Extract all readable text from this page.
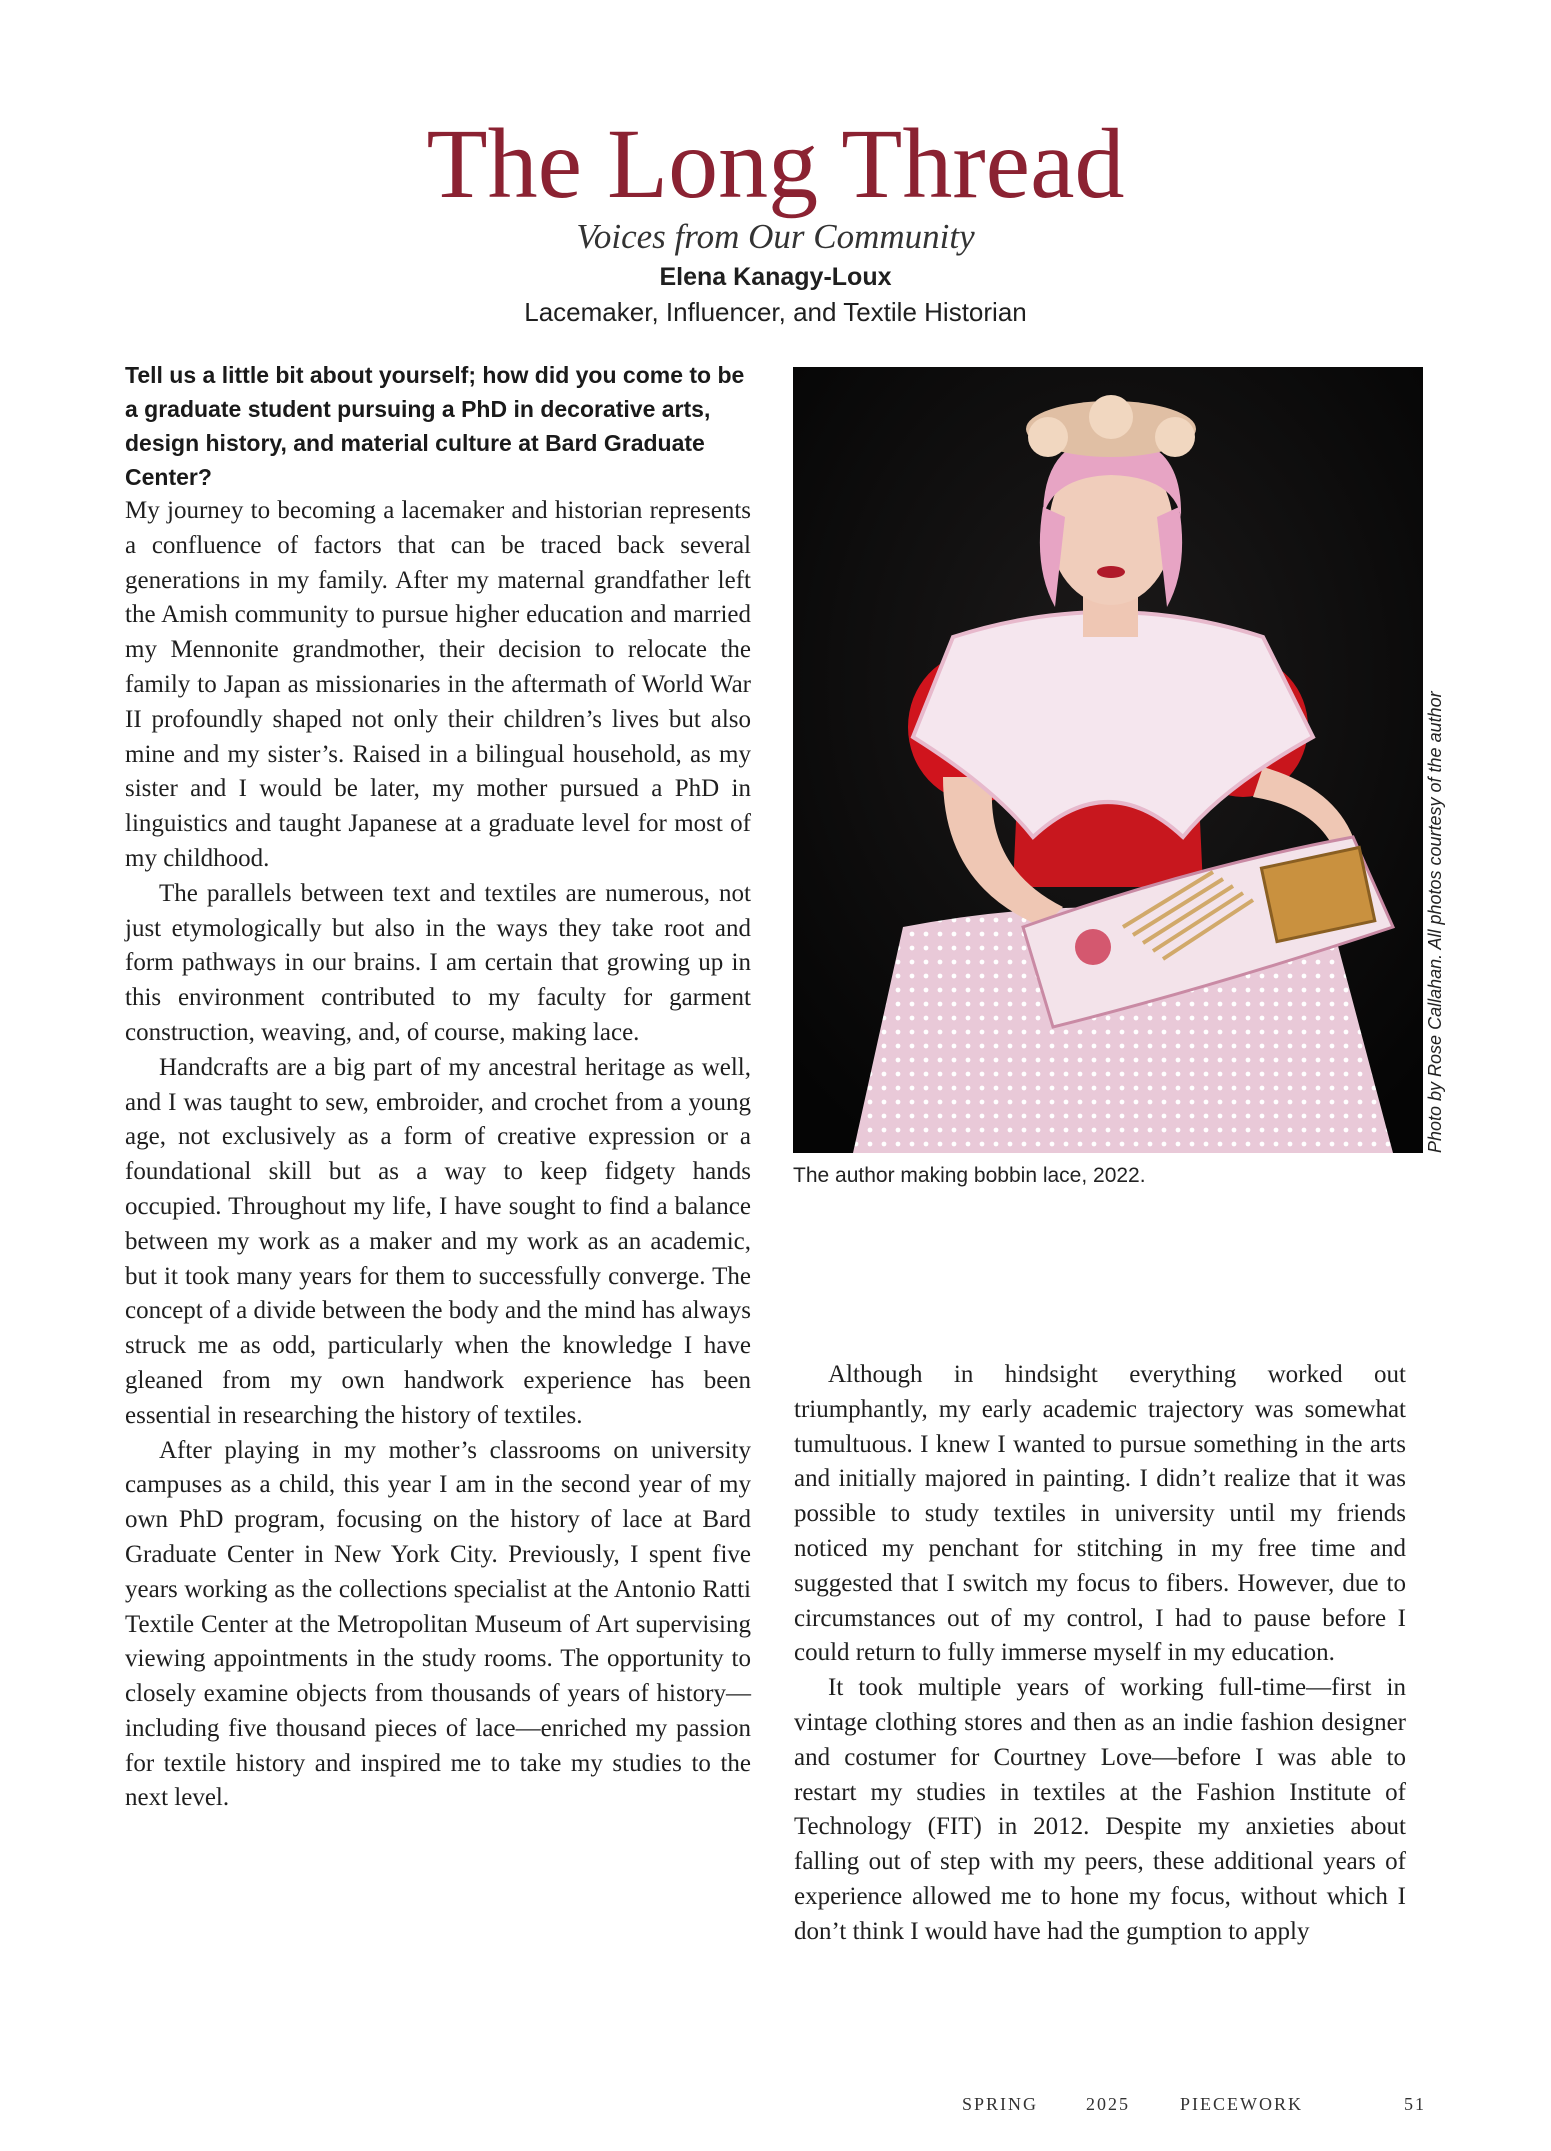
The Long Thread
Voices from Our Community
Elena Kanagy-Loux
Lacemaker, Influencer, and Textile Historian

Tell us a little bit about yourself; how did you come to be a graduate student pursuing a PhD in decorative arts, design history, and material culture at Bard Graduate Center?

My journey to becoming a lacemaker and historian represents a confluence of factors that can be traced back several generations in my family. After my maternal grandfather left the Amish community to pursue higher education and married my Mennonite grandmother, their decision to relocate the family to Japan as missionaries in the aftermath of World War II profoundly shaped not only their children’s lives but also mine and my sister’s. Raised in a bilingual household, as my sister and I would be later, my mother pursued a PhD in linguistics and taught Japanese at a graduate level for most of my childhood.

The parallels between text and textiles are numerous, not just etymologically but also in the ways they take root and form pathways in our brains. I am certain that growing up in this environment contributed to my faculty for garment construction, weaving, and, of course, making lace.

Handcrafts are a big part of my ancestral heritage as well, and I was taught to sew, embroider, and crochet from a young age, not exclusively as a form of creative expression or a foundational skill but as a way to keep fidgety hands occupied. Throughout my life, I have sought to find a balance between my work as a maker and my work as an academic, but it took many years for them to successfully converge. The concept of a divide between the body and the mind has always struck me as odd, particularly when the knowledge I have gleaned from my own handwork experience has been essential in researching the history of textiles.

After playing in my mother’s classrooms on university campuses as a child, this year I am in the second year of my own PhD program, focusing on the history of lace at Bard Graduate Center in New York City. Previously, I spent five years working as the collections specialist at the Antonio Ratti Textile Center at the Metropolitan Museum of Art supervising viewing appointments in the study rooms. The opportunity to closely examine objects from thousands of years of history—including five thousand pieces of lace—enriched my passion for textile history and inspired me to take my studies to the next level.

The author making bobbin lace, 2022.
Photo by Rose Callahan. All photos courtesy of the author

Although in hindsight everything worked out triumphantly, my early academic trajectory was somewhat tumultuous. I knew I wanted to pursue something in the arts and initially majored in painting. I didn’t realize that it was possible to study textiles in university until my friends noticed my penchant for stitching in my free time and suggested that I switch my focus to fibers. However, due to circumstances out of my control, I had to pause before I could return to fully immerse myself in my education.

It took multiple years of working full-time—first in vintage clothing stores and then as an indie fashion designer and costumer for Courtney Love—before I was able to restart my studies in textiles at the Fashion Institute of Technology (FIT) in 2012. Despite my anxieties about falling out of step with my peers, these additional years of experience allowed me to hone my focus, without which I don’t think I would have had the gumption to apply

SPRING	2025	PIECEWORK	51
